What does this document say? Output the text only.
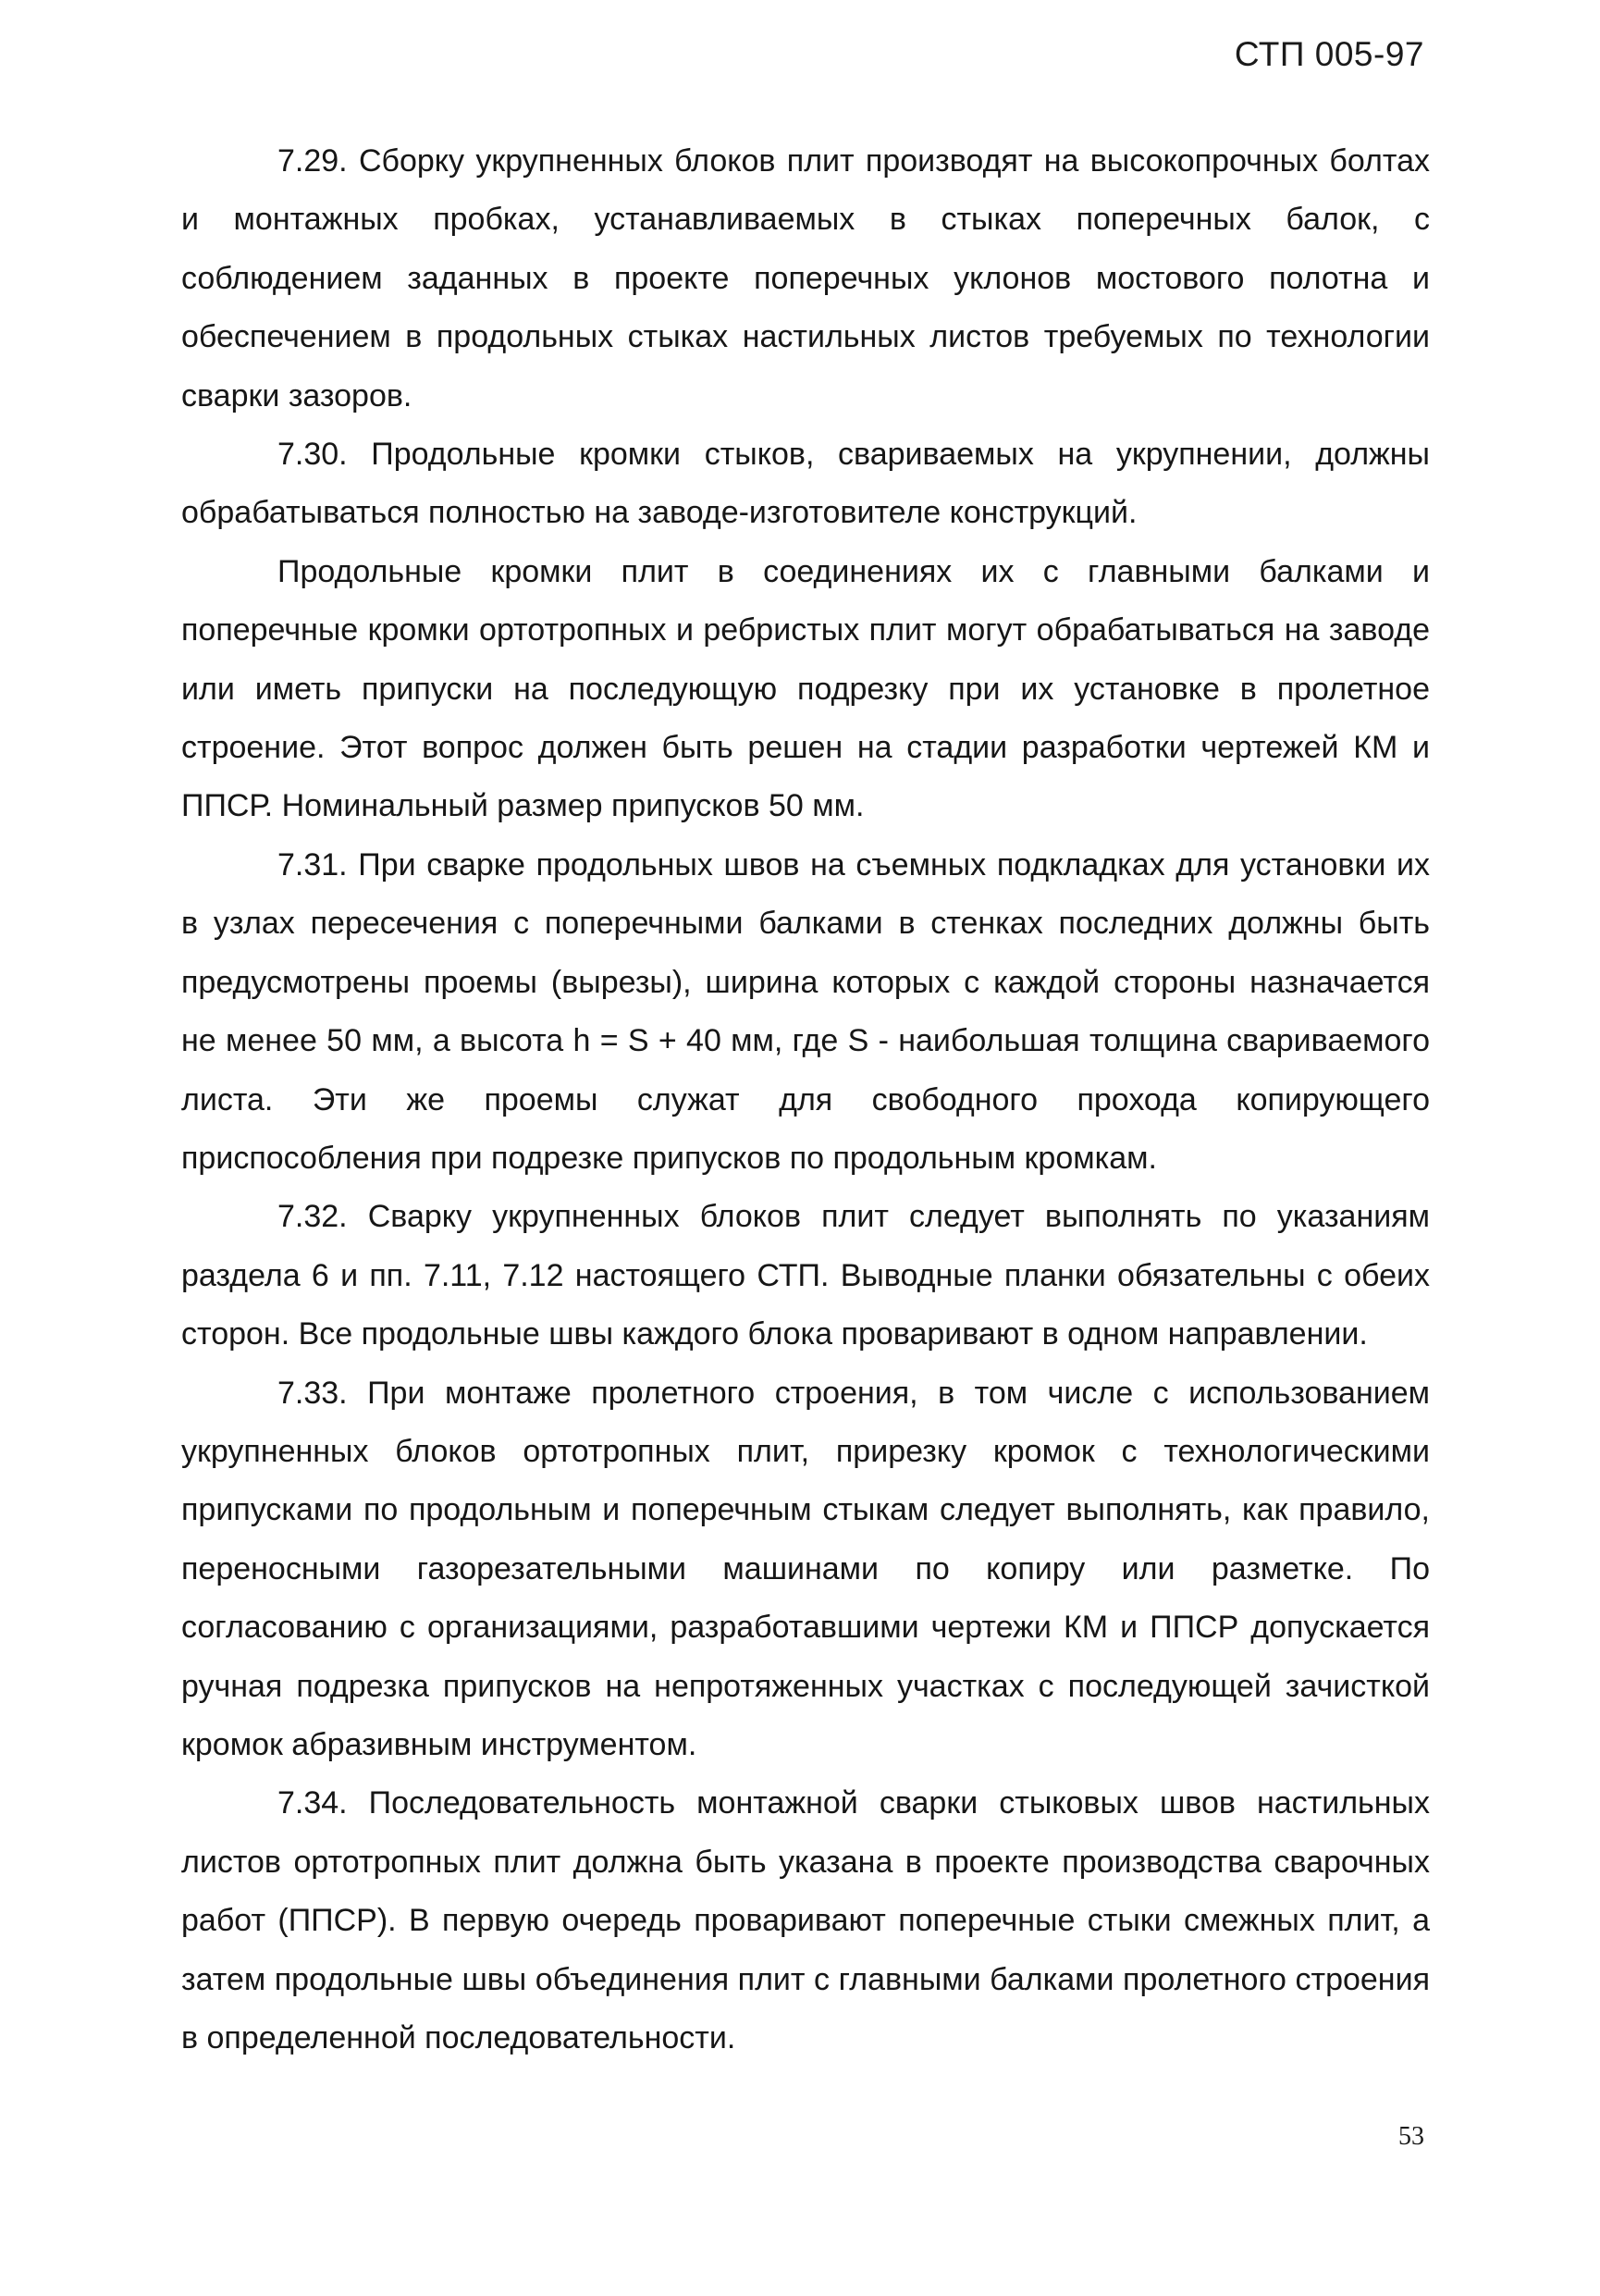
СТП 005-97

7.29. Сборку укрупненных блоков плит производят на высокопрочных болтах и монтажных пробках, устанавливаемых в стыках поперечных балок, с соблюдением заданных в проекте поперечных уклонов мостового полотна и обеспечением в продольных стыках настильных листов требуемых по технологии сварки зазоров.

7.30. Продольные кромки стыков, свариваемых на укрупнении, должны обрабатываться полностью на заводе-изготовителе конструкций.

Продольные кромки плит в соединениях их с главными балками и поперечные кромки ортотропных и ребристых плит могут обрабатываться на заводе или иметь припуски на последующую подрезку при их установке в пролетное строение. Этот вопрос должен быть решен на стадии разработки чертежей КМ и ППСР. Номинальный размер припусков 50 мм.

7.31. При сварке продольных швов на съемных подкладках для установки их в узлах пересечения с поперечными балками в стенках последних должны быть предусмотрены проемы (вырезы), ширина которых с каждой стороны назначается не менее 50 мм, а высота h = S + 40 мм, где S - наибольшая толщина свариваемого листа. Эти же проемы служат для свободного прохода копирующего приспособления при подрезке припусков по продольным кромкам.

7.32. Сварку укрупненных блоков плит следует выполнять по указаниям раздела 6 и пп. 7.11, 7.12 настоящего СТП. Выводные планки обязательны с обеих сторон. Все продольные швы каждого блока проваривают в одном направлении.

7.33. При монтаже пролетного строения, в том числе с использованием укрупненных блоков ортотропных плит, прирезку кромок с технологическими припусками по продольным и поперечным стыкам следует выполнять, как правило, переносными газорезательными машинами по копиру или разметке. По согласованию с организациями, разработавшими чертежи КМ и ППСР допускается ручная подрезка припусков на непротяженных участках с последующей зачисткой кромок абразивным инструментом.

7.34. Последовательность монтажной сварки стыковых швов настильных листов ортотропных плит должна быть указана в проекте производства сварочных работ (ППСР). В первую очередь проваривают поперечные стыки смежных плит, а затем продольные швы объединения плит с главными балками пролетного строения в определенной последовательности.

53
